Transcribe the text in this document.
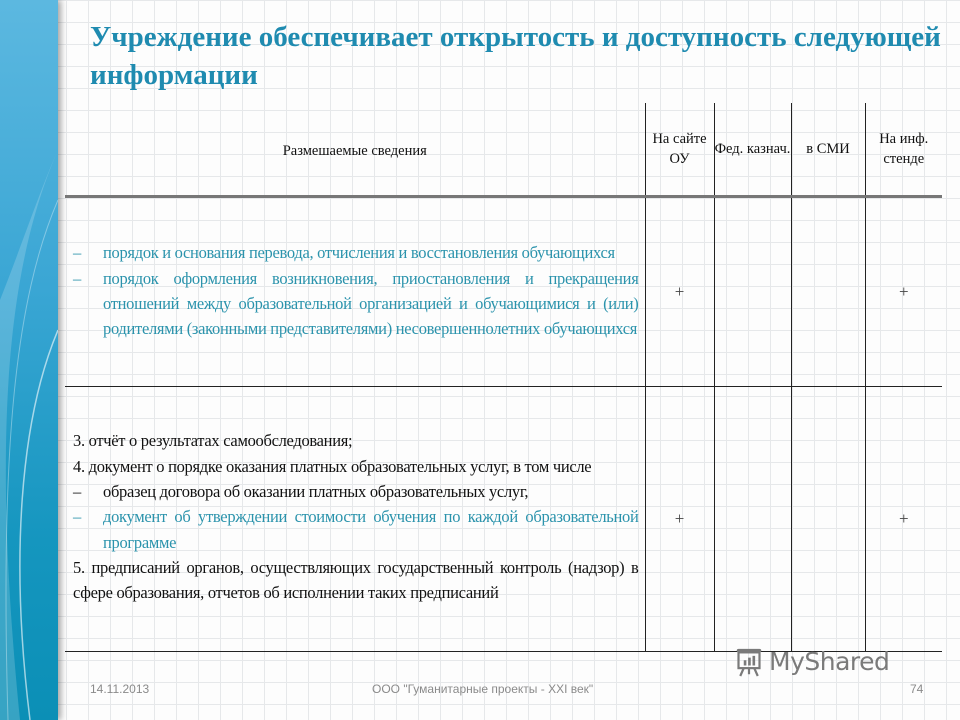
Учреждение обеспечивает открытость и доступность следующей информации
Размешаемые сведения	На сайте ОУ	Фед. казнач.	в СМИ	На инф. стенде

– порядок и основания перевода, отчисления и восстановления обучающихся
– порядок оформления возникновения, приостановления и прекращения отношений между образовательной организацией и обучающимися и (или) родителями (законными представителями) несовершеннолетних обучающихся	+			+

3. отчёт о результатах самообследования;
4. документ о порядке оказания платных образовательных услуг, в том числе
– образец договора об оказании платных образовательных услуг,
– документ об утверждении стоимости обучения по каждой образовательной программе
5. предписаний органов, осуществляющих государственный контроль (надзор) в сфере образования, отчетов об исполнении таких предписаний	+			+
14.11.2013	ООО "Гуманитарные проекты - XXI век"	74
MyShared
